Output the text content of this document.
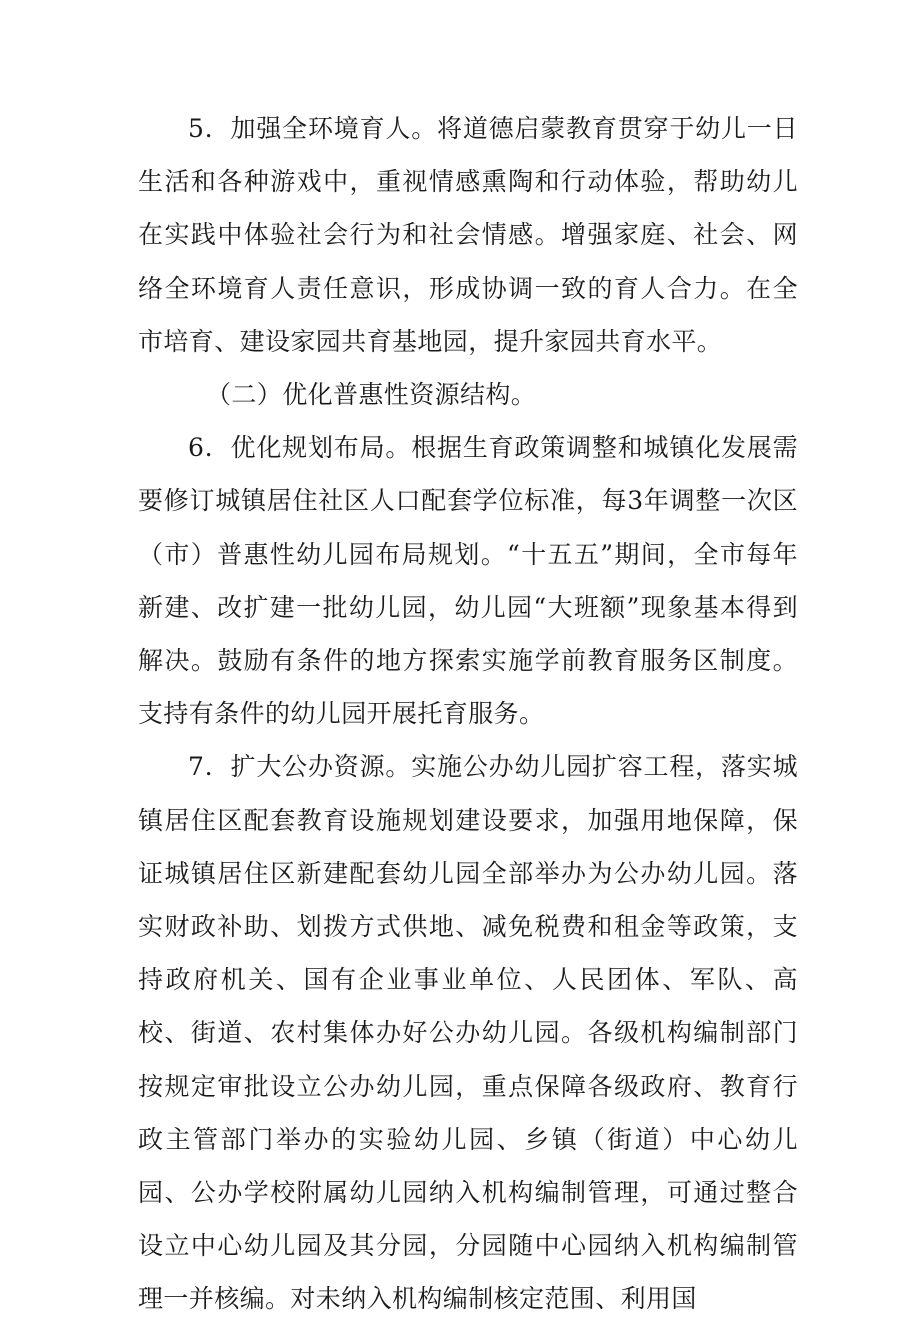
5．加强全环境育人。将道德启蒙教育贯穿于幼儿一日生活和各种游戏中，重视情感熏陶和行动体验，帮助幼儿在实践中体验社会行为和社会情感。增强家庭、社会、网络全环境育人责任意识，形成协调一致的育人合力。在全市培育、建设家园共育基地园，提升家园共育水平。

（二）优化普惠性资源结构。

6．优化规划布局。根据生育政策调整和城镇化发展需要修订城镇居住社区人口配套学位标准，每3年调整一次区（市）普惠性幼儿园布局规划。“十五五”期间，全市每年新建、改扩建一批幼儿园，幼儿园“大班额”现象基本得到解决。鼓励有条件的地方探索实施学前教育服务区制度。支持有条件的幼儿园开展托育服务。

7．扩大公办资源。实施公办幼儿园扩容工程，落实城镇居住区配套教育设施规划建设要求，加强用地保障，保证城镇居住区新建配套幼儿园全部举办为公办幼儿园。落实财政补助、划拨方式供地、减免税费和租金等政策，支持政府机关、国有企业事业单位、人民团体、军队、高校、街道、农村集体办好公办幼儿园。各级机构编制部门按规定审批设立公办幼儿园，重点保障各级政府、教育行政主管部门举办的实验幼儿园、乡镇（街道）中心幼儿园、公办学校附属幼儿园纳入机构编制管理，可通过整合设立中心幼儿园及其分园，分园随中心园纳入机构编制管理一并核编。对未纳入机构编制核定范围、利用国
